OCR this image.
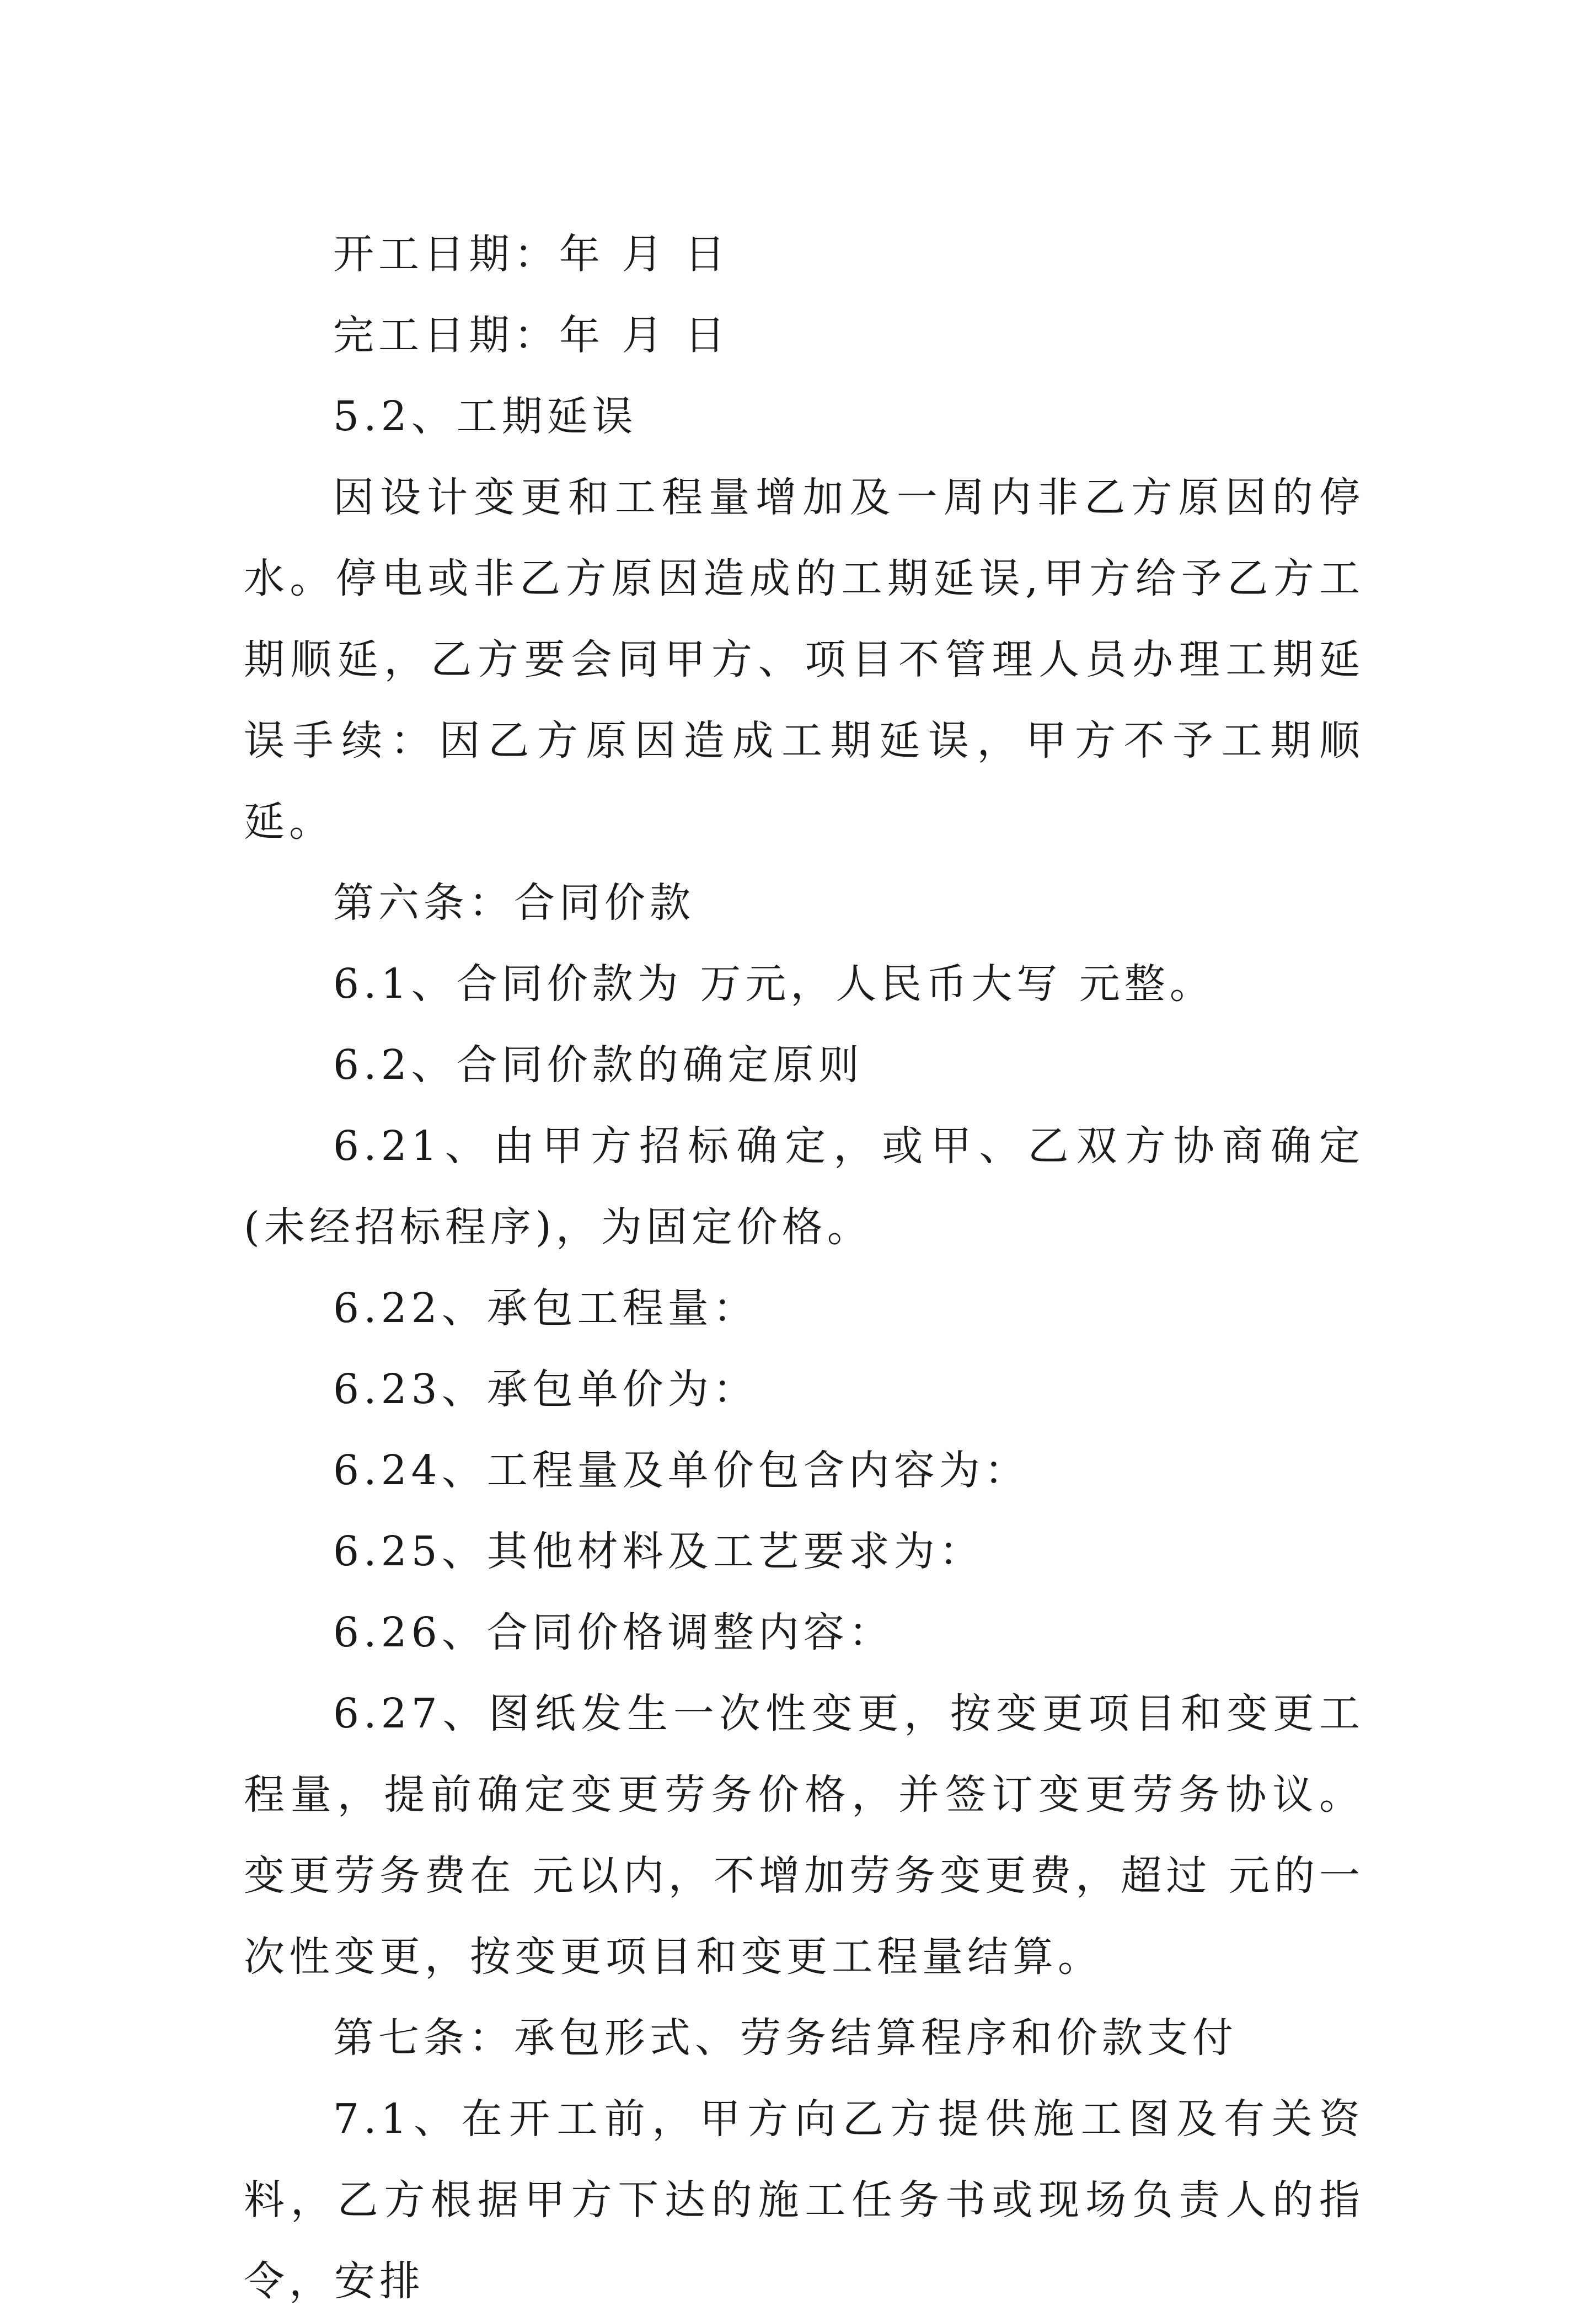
开工日期：年 月 日

完工日期：年 月 日

5.2、工期延误

因设计变更和工程量增加及一周内非乙方原因的停水。停电或非乙方原因造成的工期延误,甲方给予乙方工期顺延，乙方要会同甲方、项目不管理人员办理工期延误手续：因乙方原因造成工期延误，甲方不予工期顺延。

第六条：合同价款

6.1、合同价款为 万元，人民币大写 元整。

6.2、合同价款的确定原则

6.21、由甲方招标确定，或甲、乙双方协商确定(未经招标程序)，为固定价格。

6.22、承包工程量：

6.23、承包单价为：

6.24、工程量及单价包含内容为：

6.25、其他材料及工艺要求为：

6.26、合同价格调整内容：

6.27、图纸发生一次性变更，按变更项目和变更工程量，提前确定变更劳务价格，并签订变更劳务协议。变更劳务费在 元以内，不增加劳务变更费，超过 元的一次性变更，按变更项目和变更工程量结算。

第七条：承包形式、劳务结算程序和价款支付

7.1、在开工前，甲方向乙方提供施工图及有关资料，乙方根据甲方下达的施工任务书或现场负责人的指令，安排
